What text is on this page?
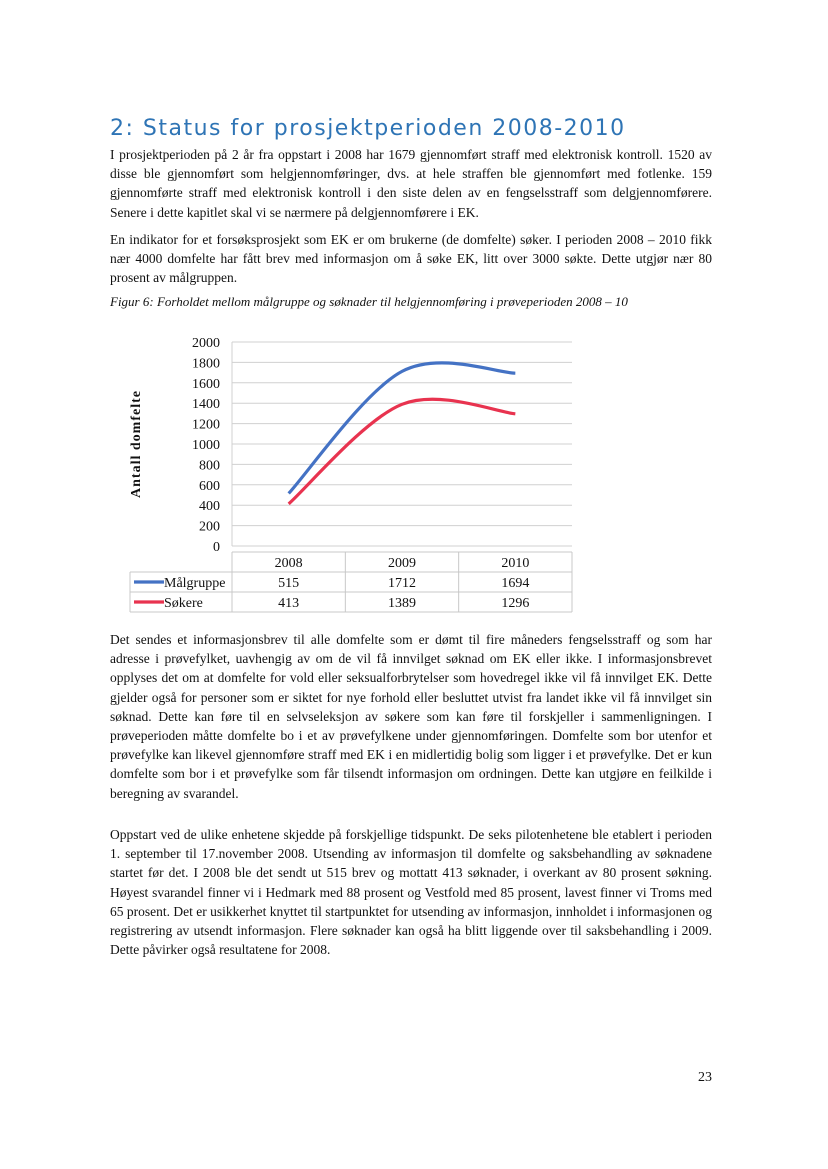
2: Status for prosjektperioden 2008-2010

I prosjektperioden på 2 år fra oppstart i 2008 har 1679 gjennomført straff med elektronisk kontroll. 1520 av disse ble gjennomført som helgjennomføringer, dvs. at hele straffen ble gjennomført med fotlenke. 159 gjennomførte straff med elektronisk kontroll i den siste delen av en fengselsstraff som delgjennomførere. Senere i dette kapitlet skal vi se nærmere på delgjennomførere i EK.

En indikator for et forsøksprosjekt som EK er om brukerne (de domfelte) søker. I perioden 2008 – 2010 fikk nær 4000 domfelte har fått brev med informasjon om å søke EK, litt over 3000 søkte. Dette utgjør nær 80 prosent av målgruppen.

Figur 6: Forholdet mellom målgruppe og søknader til helgjennomføring i prøveperioden 2008 – 10

0
200
400
600
800
1000
1200
1400
1600
1800
2000
Antall domfelte
2008	2009	2010
Målgruppe	515	1712	1694
Søkere	413	1389	1296

Det sendes et informasjonsbrev til alle domfelte som er dømt til fire måneders fengselsstraff og som har adresse i prøvefylket, uavhengig av om de vil få innvilget søknad om EK eller ikke. I informasjonsbrevet opplyses det om at domfelte for vold eller seksualforbrytelser som hovedregel ikke vil få innvilget EK. Dette gjelder også for personer som er siktet for nye forhold eller besluttet utvist fra landet ikke vil få innvilget sin søknad. Dette kan føre til en selvseleksjon av søkere som kan føre til forskjeller i sammenligningen. I prøveperioden måtte domfelte bo i et av prøvefylkene under gjennomføringen. Domfelte som bor utenfor et prøvefylke kan likevel gjennomføre straff med EK i en midlertidig bolig som ligger i et prøvefylke. Det er kun domfelte som bor i et prøvefylke som får tilsendt informasjon om ordningen. Dette kan utgjøre en feilkilde i beregning av svarandel.

Oppstart ved de ulike enhetene skjedde på forskjellige tidspunkt. De seks pilotenhetene ble etablert i perioden 1. september til 17.november 2008. Utsending av informasjon til domfelte og saksbehandling av søknadene startet før det. I 2008 ble det sendt ut 515 brev og mottatt 413 søknader, i overkant av 80 prosent søkning. Høyest svarandel finner vi i Hedmark med 88 prosent og Vestfold med 85 prosent, lavest finner vi Troms med 65 prosent. Det er usikkerhet knyttet til startpunktet for utsending av informasjon, innholdet i informasjonen og registrering av utsendt informasjon. Flere søknader kan også ha blitt liggende over til saksbehandling i 2009. Dette påvirker også resultatene for 2008.

23
